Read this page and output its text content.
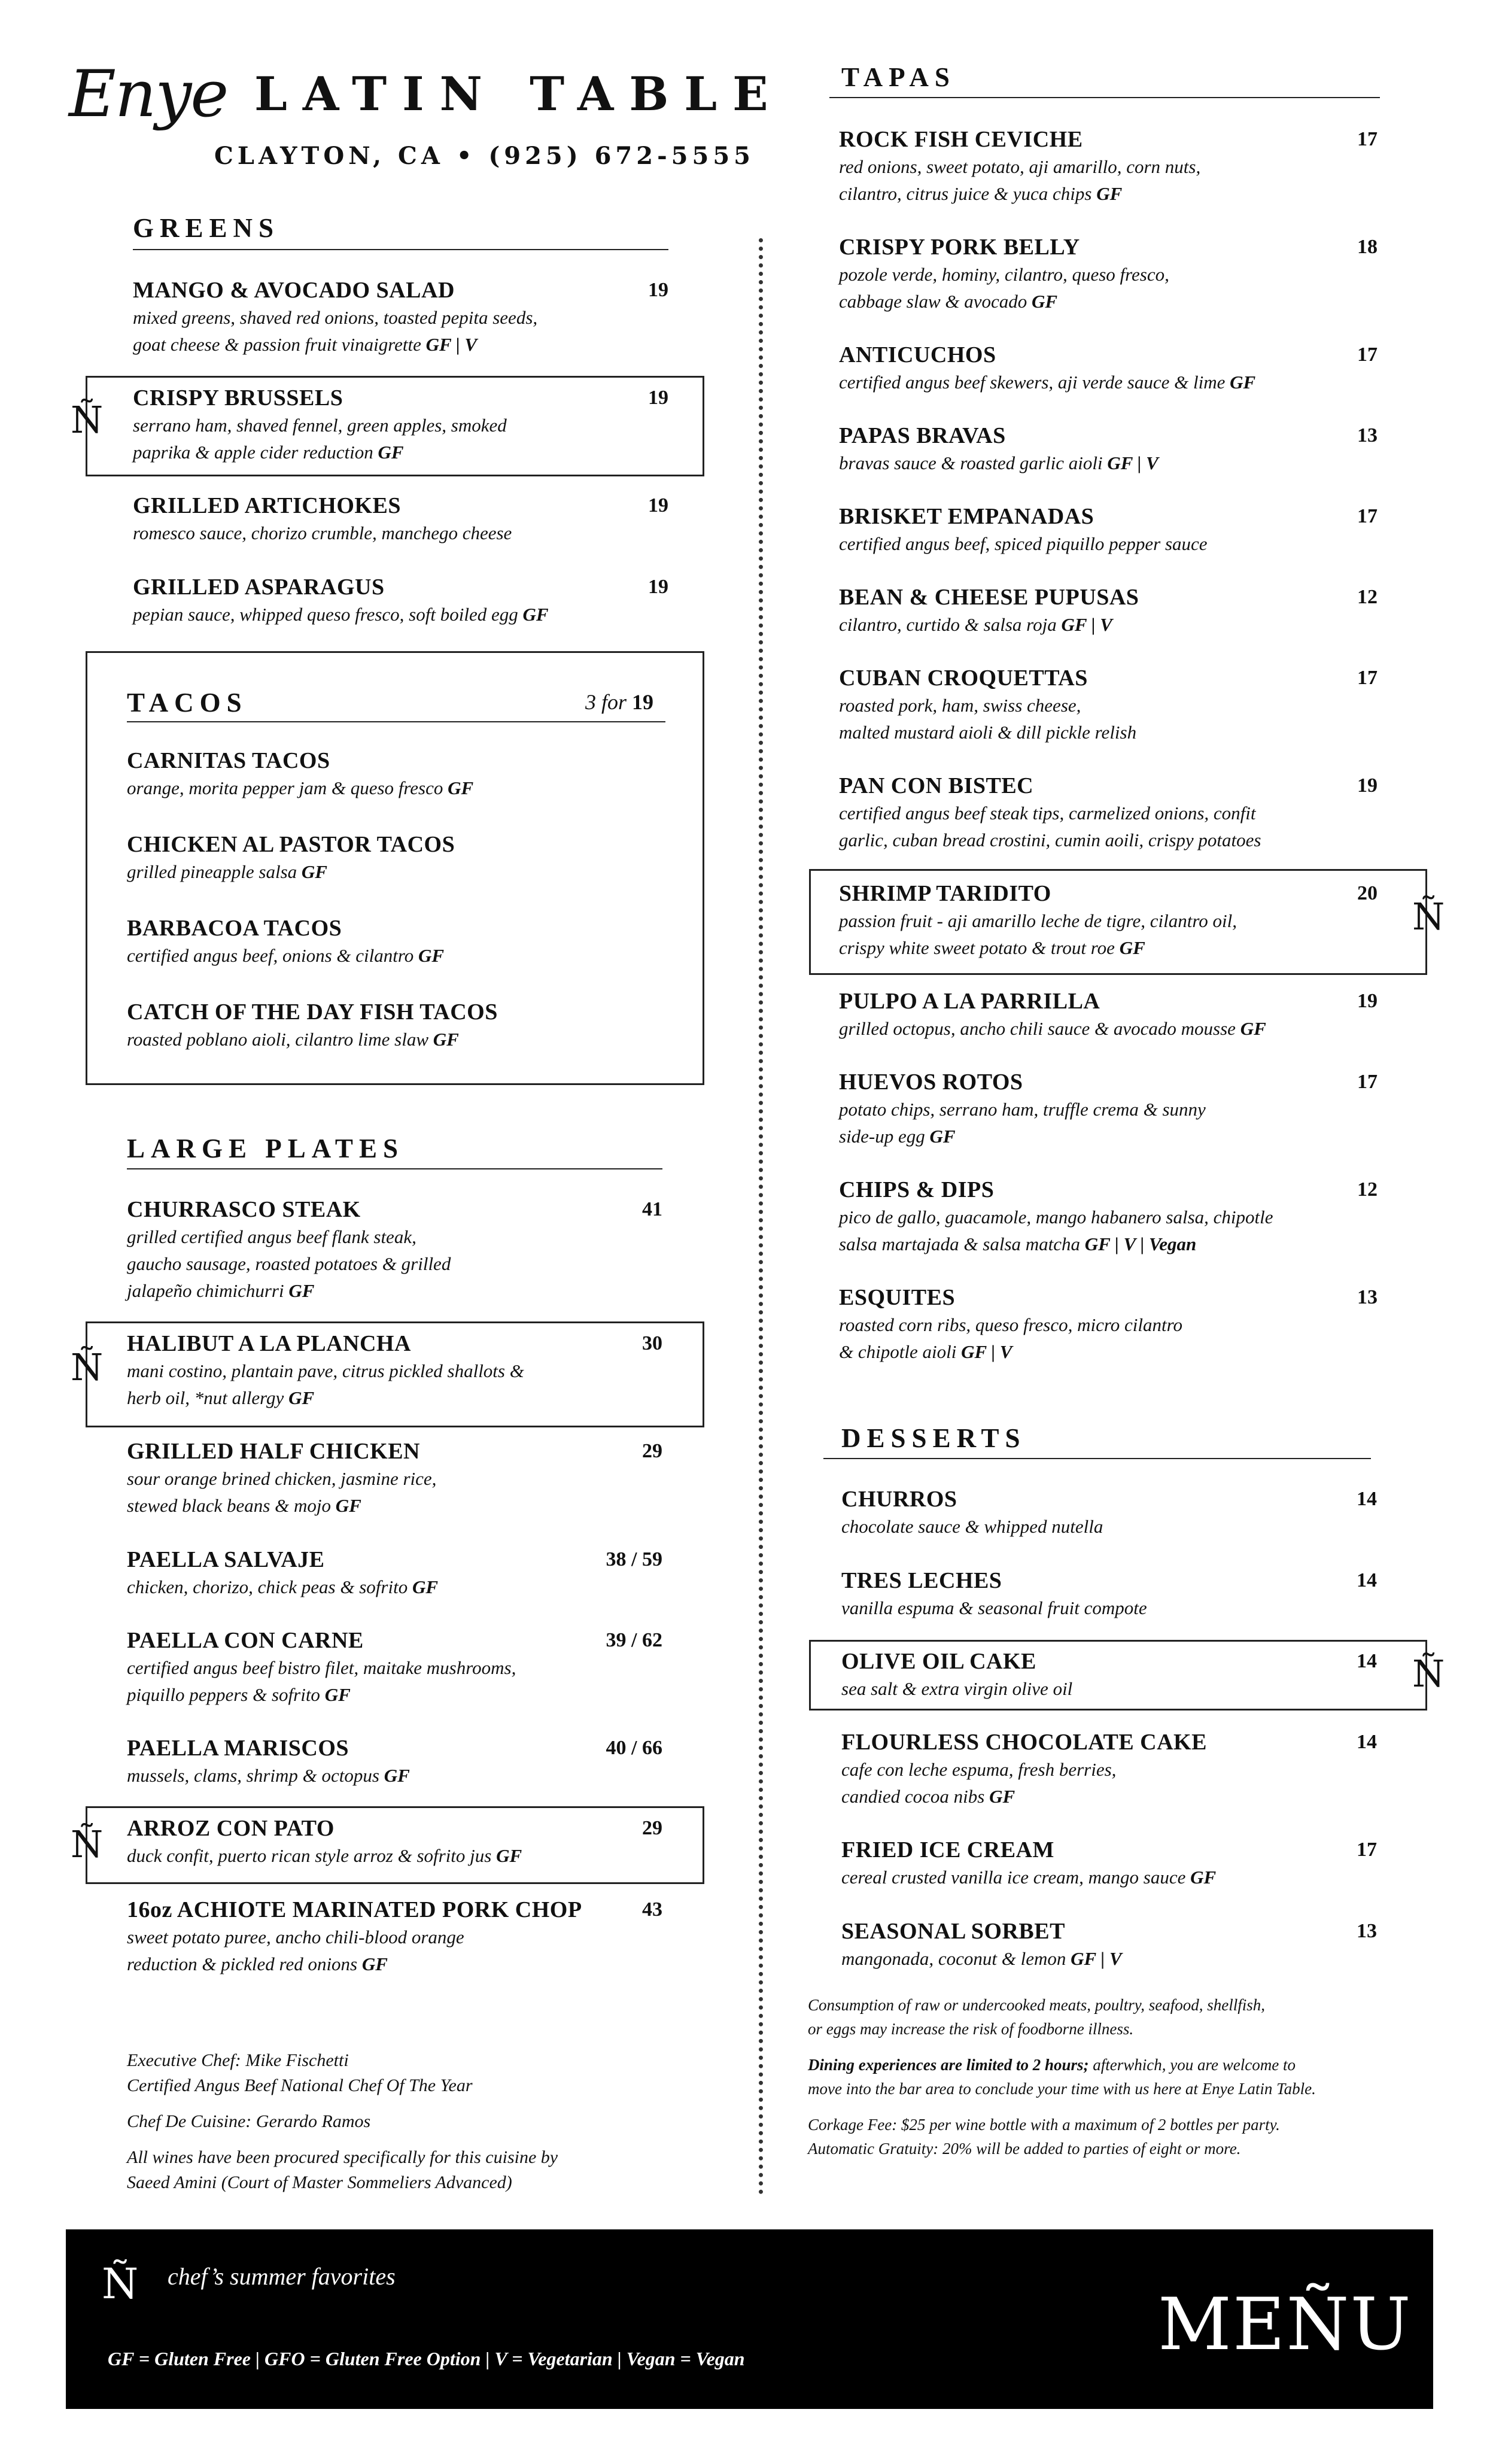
Enye LATIN TABLE
CLAYTON, CA • (925) 672-5555
GREENS
MANGO & AVOCADO SALAD	19
mixed greens, shaved red onions, toasted pepita seeds,
goat cheese & passion fruit vinaigrette GF | V
Ñ CRISPY BRUSSELS	19
serrano ham, shaved fennel, green apples, smoked
paprika & apple cider reduction GF
GRILLED ARTICHOKES	19
romesco sauce, chorizo crumble, manchego cheese
GRILLED ASPARAGUS	19
pepian sauce, whipped queso fresco, soft boiled egg GF
TACOS	3 for 19
CARNITAS TACOS
orange, morita pepper jam & queso fresco GF
CHICKEN AL PASTOR TACOS
grilled pineapple salsa GF
BARBACOA TACOS
certified angus beef, onions & cilantro GF
CATCH OF THE DAY FISH TACOS
roasted poblano aioli, cilantro lime slaw GF
LARGE PLATES
CHURRASCO STEAK	41
grilled certified angus beef flank steak,
gaucho sausage, roasted potatoes & grilled
jalapeño chimichurri GF
Ñ
HALIBUT A LA PLANCHA	30
mani costino, plantain pave, citrus pickled shallots &
herb oil, *nut allergy GF
GRILLED HALF CHICKEN	29
sour orange brined chicken, jasmine rice,
stewed black beans & mojo GF
PAELLA SALVAJE	38 / 59
chicken, chorizo, chick peas & sofrito GF
PAELLA CON CARNE	39 / 62
certified angus beef bistro filet, maitake mushrooms,
piquillo peppers & sofrito GF
PAELLA MARISCOS	40 / 66
mussels, clams, shrimp & octopus GF
Ñ ARROZ CON PATO	29
duck confit, puerto rican style arroz & sofrito jus GF
16oz ACHIOTE MARINATED PORK CHOP	43
sweet potato puree, ancho chili-blood orange
reduction & pickled red onions GF
Executive Chef: Mike Fischetti
Certified Angus Beef National Chef Of The Year
Chef De Cuisine: Gerardo Ramos
All wines have been procured specifically for this cuisine by
Saeed Amini (Court of Master Sommeliers Advanced)
TAPAS
ROCK FISH CEVICHE	17
red onions, sweet potato, aji amarillo, corn nuts,
cilantro, citrus juice & yuca chips GF
CRISPY PORK BELLY	18
pozole verde, hominy, cilantro, queso fresco,
cabbage slaw & avocado GF
ANTICUCHOS	17
certified angus beef skewers, aji verde sauce & lime GF
PAPAS BRAVAS	13
bravas sauce & roasted garlic aioli GF | V
BRISKET EMPANADAS	17
certified angus beef, spiced piquillo pepper sauce
BEAN & CHEESE PUPUSAS	12
cilantro, curtido & salsa roja GF | V
CUBAN CROQUETTAS	17
roasted pork, ham, swiss cheese,
malted mustard aioli & dill pickle relish
PAN CON BISTEC	19
certified angus beef steak tips, carmelized onions, confit
garlic, cuban bread crostini, cumin aoili, crispy potatoes
Ñ
SHRIMP TARIDITO	20
passion fruit - aji amarillo leche de tigre, cilantro oil,
crispy white sweet potato & trout roe GF
PULPO A LA PARRILLA	19
grilled octopus, ancho chili sauce & avocado mousse GF
HUEVOS ROTOS	17
potato chips, serrano ham, truffle crema & sunny
side-up egg GF
CHIPS & DIPS	12
pico de gallo, guacamole, mango habanero salsa, chipotle
salsa martajada & salsa matcha GF | V | Vegan
ESQUITES	13
roasted corn ribs, queso fresco, micro cilantro
& chipotle aioli GF | V
DESSERTS
CHURROS	14
chocolate sauce & whipped nutella
TRES LECHES	14
vanilla espuma & seasonal fruit compote
Ñ
OLIVE OIL CAKE	14
sea salt & extra virgin olive oil
FLOURLESS CHOCOLATE CAKE	14
cafe con leche espuma, fresh berries,
candied cocoa nibs GF
FRIED ICE CREAM	17
cereal crusted vanilla ice cream, mango sauce GF
SEASONAL SORBET	13
mangonada, coconut & lemon GF | V
Consumption of raw or undercooked meats, poultry, seafood, shellfish,
or eggs may increase the risk of foodborne illness.
Dining experiences are limited to 2 hours; afterwhich, you are welcome to
move into the bar area to conclude your time with us here at Enye Latin Table.
Corkage Fee: $25 per wine bottle with a maximum of 2 bottles per party.
Automatic Gratuity: 20% will be added to parties of eight or more.
Ñ chef’s summer favorites
GF = Gluten Free | GFO = Gluten Free Option | V = Vegetarian | Vegan = Vegan	MEÑU
